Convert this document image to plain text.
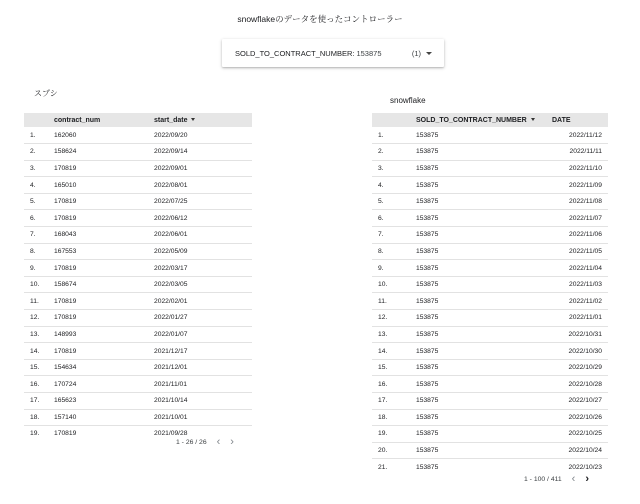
snowflakeのデータを使ったコントローラー
SOLD_TO_CONTRACT_NUMBER: 153875	(1)
スプシ
snowflake
	contract_num	start_date
1.	162060	2022/09/20
2.	158624	2022/09/14
3.	170819	2022/09/01
4.	165010	2022/08/01
5.	170819	2022/07/25
6.	170819	2022/06/12
7.	168043	2022/06/01
8.	167553	2022/05/09
9.	170819	2022/03/17
10.	158674	2022/03/05
11.	170819	2022/02/01
12.	170819	2022/01/27
13.	148993	2022/01/07
14.	170819	2021/12/17
15.	154634	2021/12/01
16.	170724	2021/11/01
17.	165623	2021/10/14
18.	157140	2021/10/01
19.	170819	2021/09/28
1 - 26 / 26 ‹ ›
	SOLD_TO_CONTRACT_NUMBER	DATE
1.	153875	2022/11/12
2.	153875	2022/11/11
3.	153875	2022/11/10
4.	153875	2022/11/09
5.	153875	2022/11/08
6.	153875	2022/11/07
7.	153875	2022/11/06
8.	153875	2022/11/05
9.	153875	2022/11/04
10.	153875	2022/11/03
11.	153875	2022/11/02
12.	153875	2022/11/01
13.	153875	2022/10/31
14.	153875	2022/10/30
15.	153875	2022/10/29
16.	153875	2022/10/28
17.	153875	2022/10/27
18.	153875	2022/10/26
19.	153875	2022/10/25
20.	153875	2022/10/24
21.	153875	2022/10/23
1 - 100 / 411 ‹ ›
